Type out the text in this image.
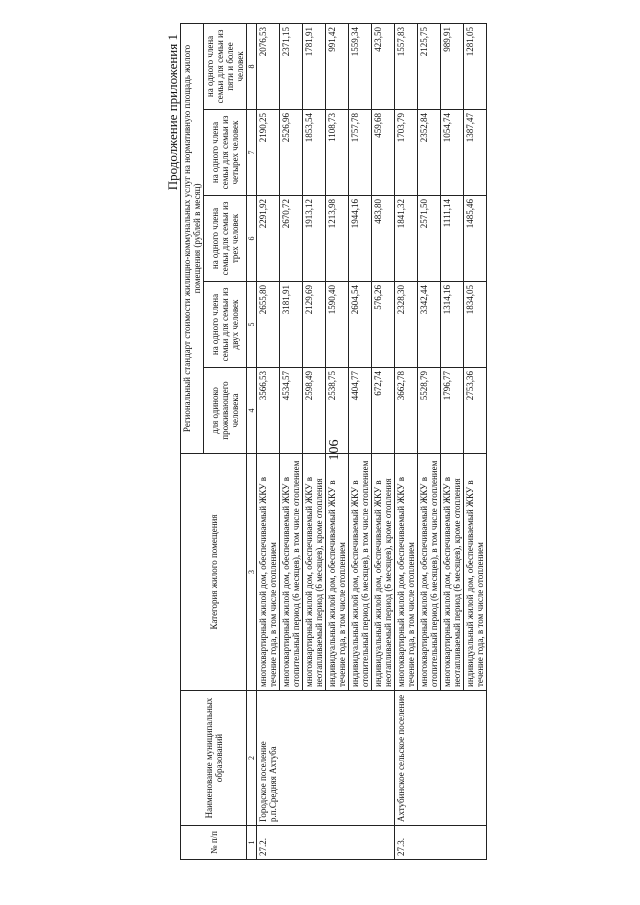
106
Продолжение приложения 1
№ п/п	Наименование муниципальных образований	Категория жилого помещения	Региональный стандарт стоимости жилищно-коммунальных услуг на нормативную площадь жилого помещения (рублей в месяц)				
			для одиноко проживающего человека	на одного члена семьи для семьи из двух человек	на одного члена семьи для семьи из трех человек	на одного члена семьи для семьи из четырех человек	на одного члена семьи для семьи из пяти и более человек
1	2	3	4	5	6	7	8
27.2.	Городское поселение р.п.Средняя Ахтуба	многоквартирный жилой дом, обеспечиваемый ЖКУ в течение года, в том числе отоплением	3566,53	2655,80	2291,92	2190,25	2076,53
		многоквартирный жилой дом, обеспечиваемый ЖКУ в отопительный период (6 месяцев), в том числе отоплением	4534,57	3181,91	2670,72	2526,96	2371,15
		многоквартирный жилой дом, обеспечиваемый ЖКУ в неотапливаемый период (6 месяцев), кроме отопления	2598,49	2129,69	1913,12	1853,54	1781,91
		индивидуальный жилой дом, обеспечиваемый ЖКУ в течение года, в том числе отоплением	2538,75	1590,40	1213,98	1108,73	991,42
		индивидуальный жилой дом, обеспечиваемый ЖКУ в отопительный период (6 месяцев), в том числе отоплением	4404,77	2604,54	1944,16	1757,78	1559,34
		индивидуальный жилой дом, обеспечиваемый ЖКУ в неотапливаемый период (6 месяцев), кроме отопления	672,74	576,26	483,80	459,68	423,50
27.3.	Ахтубинское сельское поселение	многоквартирный жилой дом, обеспечиваемый ЖКУ в течение года, в том числе отоплением	3662,78	2328,30	1841,32	1703,79	1557,83
		многоквартирный жилой дом, обеспечиваемый ЖКУ в отопительный период (6 месяцев), в том числе отоплением	5528,79	3342,44	2571,50	2352,84	2125,75
		многоквартирный жилой дом, обеспечиваемый ЖКУ в неотапливаемый период (6 месяцев), кроме отопления	1796,77	1314,16	1111,14	1054,74	989,91
		индивидуальный жилой дом, обеспечиваемый ЖКУ в течение года, в том числе отоплением	2753,36	1834,05	1485,46	1387,47	1281,05
